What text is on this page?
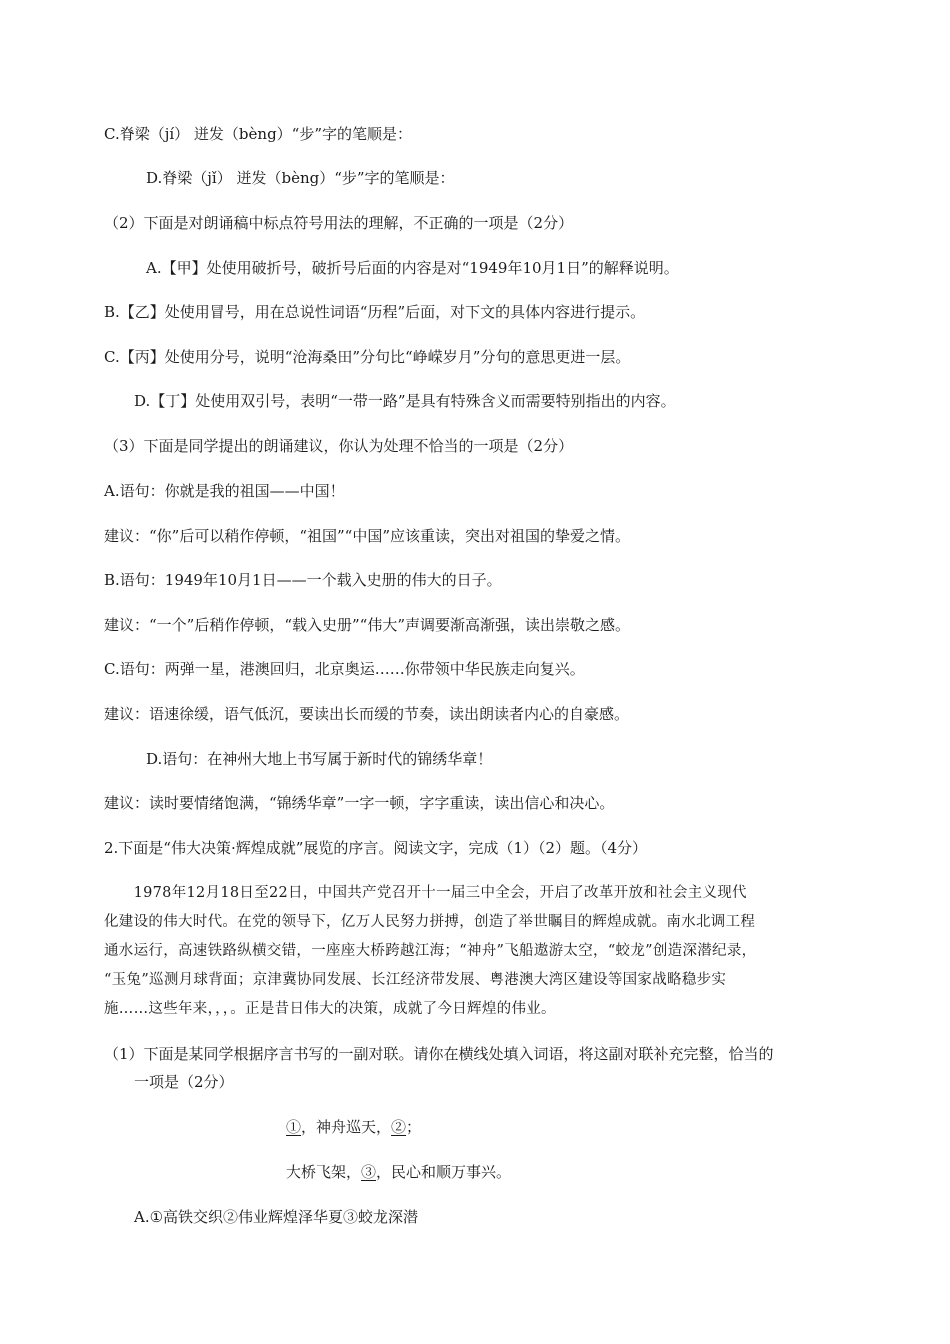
C.脊梁（jí） 迸发（bèng）“步”字的笔顺是：
D.脊梁（jǐ） 迸发（bèng）“步”字的笔顺是：
（2）下面是对朗诵稿中标点符号用法的理解，不正确的一项是（2分）
A.【甲】处使用破折号，破折号后面的内容是对“1949年10月1日”的解释说明。
B.【乙】处使用冒号，用在总说性词语“历程”后面，对下文的具体内容进行提示。
C.【丙】处使用分号，说明“沧海桑田”分句比“峥嵘岁月”分句的意思更进一层。
D.【丁】处使用双引号，表明“一带一路”是具有特殊含义而需要特别指出的内容。
（3）下面是同学提出的朗诵建议，你认为处理不恰当的一项是（2分）
A.语句：你就是我的祖国——中国！
建议：“你”后可以稍作停顿，“祖国”“中国”应该重读，突出对祖国的挚爱之情。
B.语句：1949年10月1日——一个载入史册的伟大的日子。
建议：“一个”后稍作停顿，“载入史册”“伟大”声调要渐高渐强，读出崇敬之感。
C.语句：两弹一星，港澳回归，北京奥运……你带领中华民族走向复兴。
建议：语速徐缓，语气低沉，要读出长而缓的节奏，读出朗读者内心的自豪感。
D.语句：在神州大地上书写属于新时代的锦绣华章！
建议：读时要情绪饱满，“锦绣华章”一字一顿，字字重读，读出信心和决心。
2.下面是“伟大决策·辉煌成就”展览的序言。阅读文字，完成（1）（2）题。（4分）
　　1978年12月18日至22日，中国共产党召开十一届三中全会，开启了改革开放和社会主义现代
化建设的伟大时代。在党的领导下，亿万人民努力拼搏，创造了举世瞩目的辉煌成就。南水北调工程
通水运行，高速铁路纵横交错，一座座大桥跨越江海；“神舟”飞船遨游太空，“蛟龙”创造深潜纪录，
“玉兔”巡测月球背面；京津冀协同发展、长江经济带发展、粤港澳大湾区建设等国家战略稳步实
施……这些年来，，，。正是昔日伟大的决策，成就了今日辉煌的伟业。
（1）下面是某同学根据序言书写的一副对联。请你在横线处填入词语，将这副对联补充完整，恰当的
一项是（2分）
①，神舟巡天，②；
大桥飞架，③，民心和顺万事兴。
A.①高铁交织②伟业辉煌泽华夏③蛟龙深潜
